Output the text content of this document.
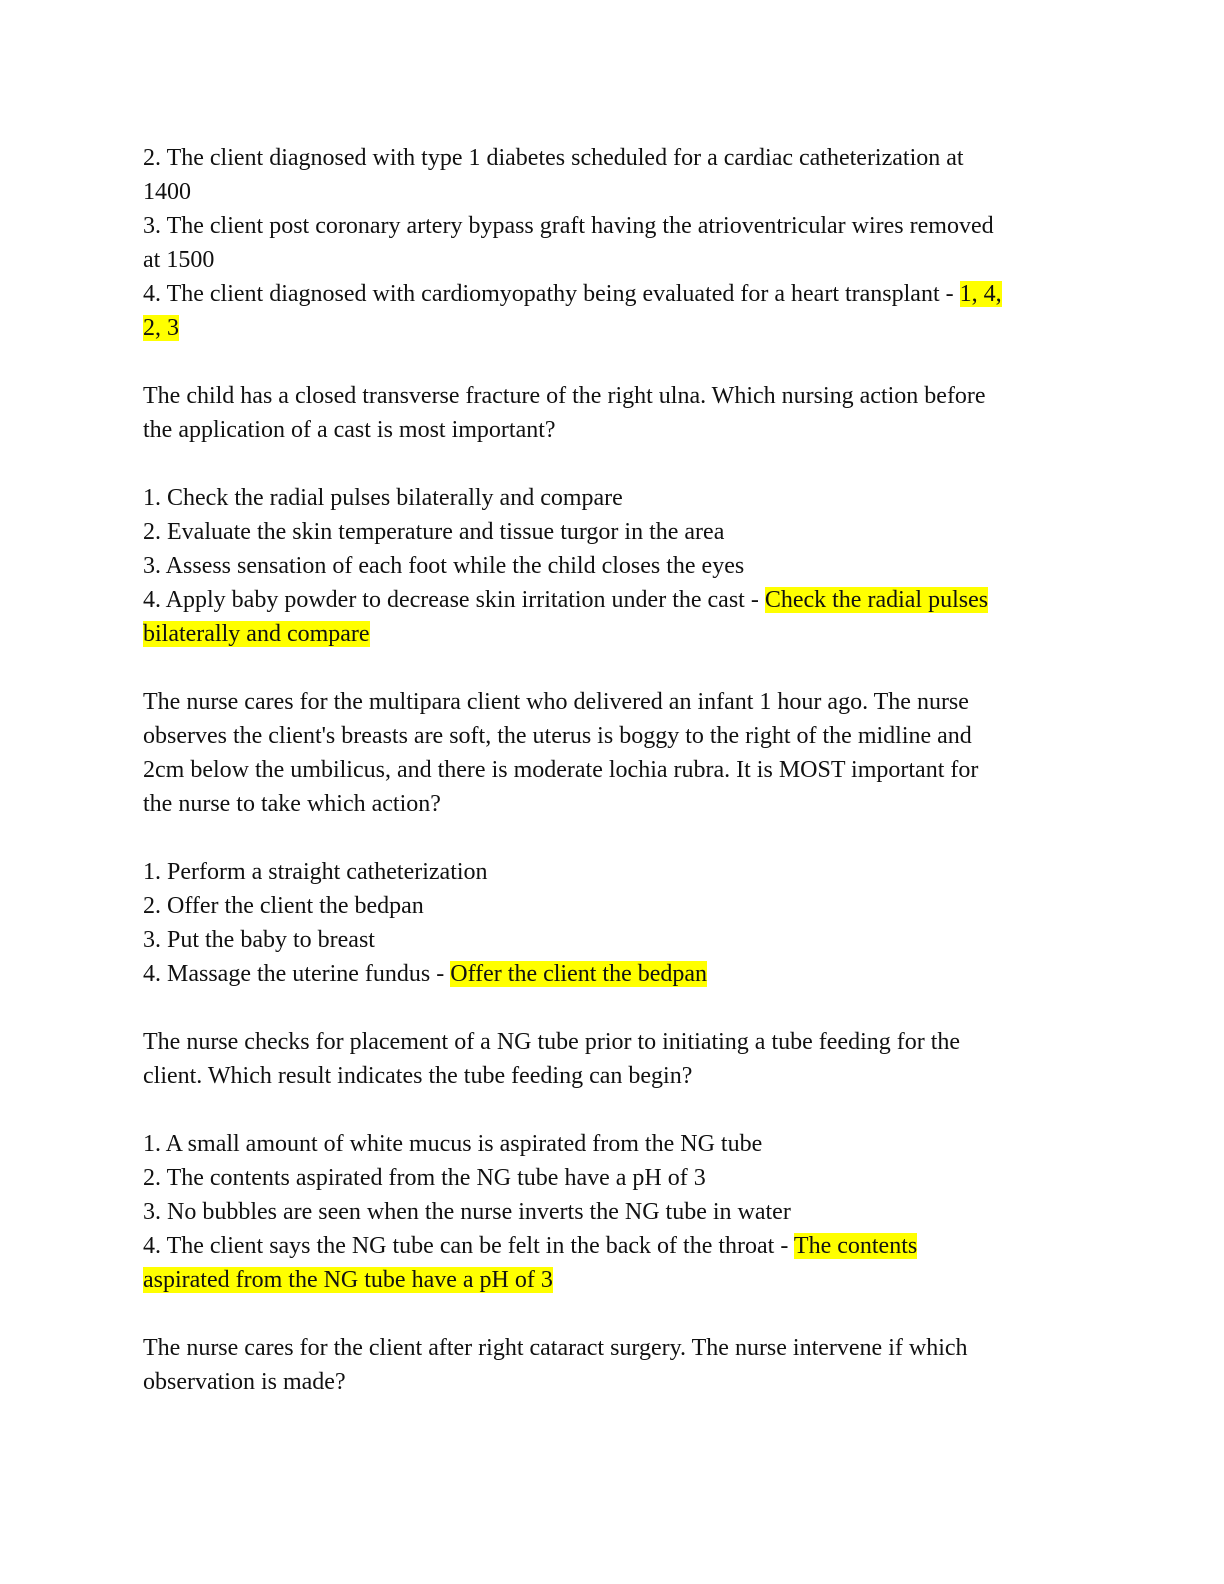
2. The client diagnosed with type 1 diabetes scheduled for a cardiac catheterization at
1400
3. The client post coronary artery bypass graft having the atrioventricular wires removed
at 1500
4. The client diagnosed with cardiomyopathy being evaluated for a heart transplant - 1, 4,
2, 3
The child has a closed transverse fracture of the right ulna. Which nursing action before
the application of a cast is most important?
1. Check the radial pulses bilaterally and compare
2. Evaluate the skin temperature and tissue turgor in the area
3. Assess sensation of each foot while the child closes the eyes
4. Apply baby powder to decrease skin irritation under the cast - Check the radial pulses
bilaterally and compare
The nurse cares for the multipara client who delivered an infant 1 hour ago. The nurse
observes the client's breasts are soft, the uterus is boggy to the right of the midline and
2cm below the umbilicus, and there is moderate lochia rubra. It is MOST important for
the nurse to take which action?
1. Perform a straight catheterization
2. Offer the client the bedpan
3. Put the baby to breast
4. Massage the uterine fundus - Offer the client the bedpan
The nurse checks for placement of a NG tube prior to initiating a tube feeding for the
client. Which result indicates the tube feeding can begin?
1. A small amount of white mucus is aspirated from the NG tube
2. The contents aspirated from the NG tube have a pH of 3
3. No bubbles are seen when the nurse inverts the NG tube in water
4. The client says the NG tube can be felt in the back of the throat - The contents
aspirated from the NG tube have a pH of 3
The nurse cares for the client after right cataract surgery. The nurse intervene if which
observation is made?
